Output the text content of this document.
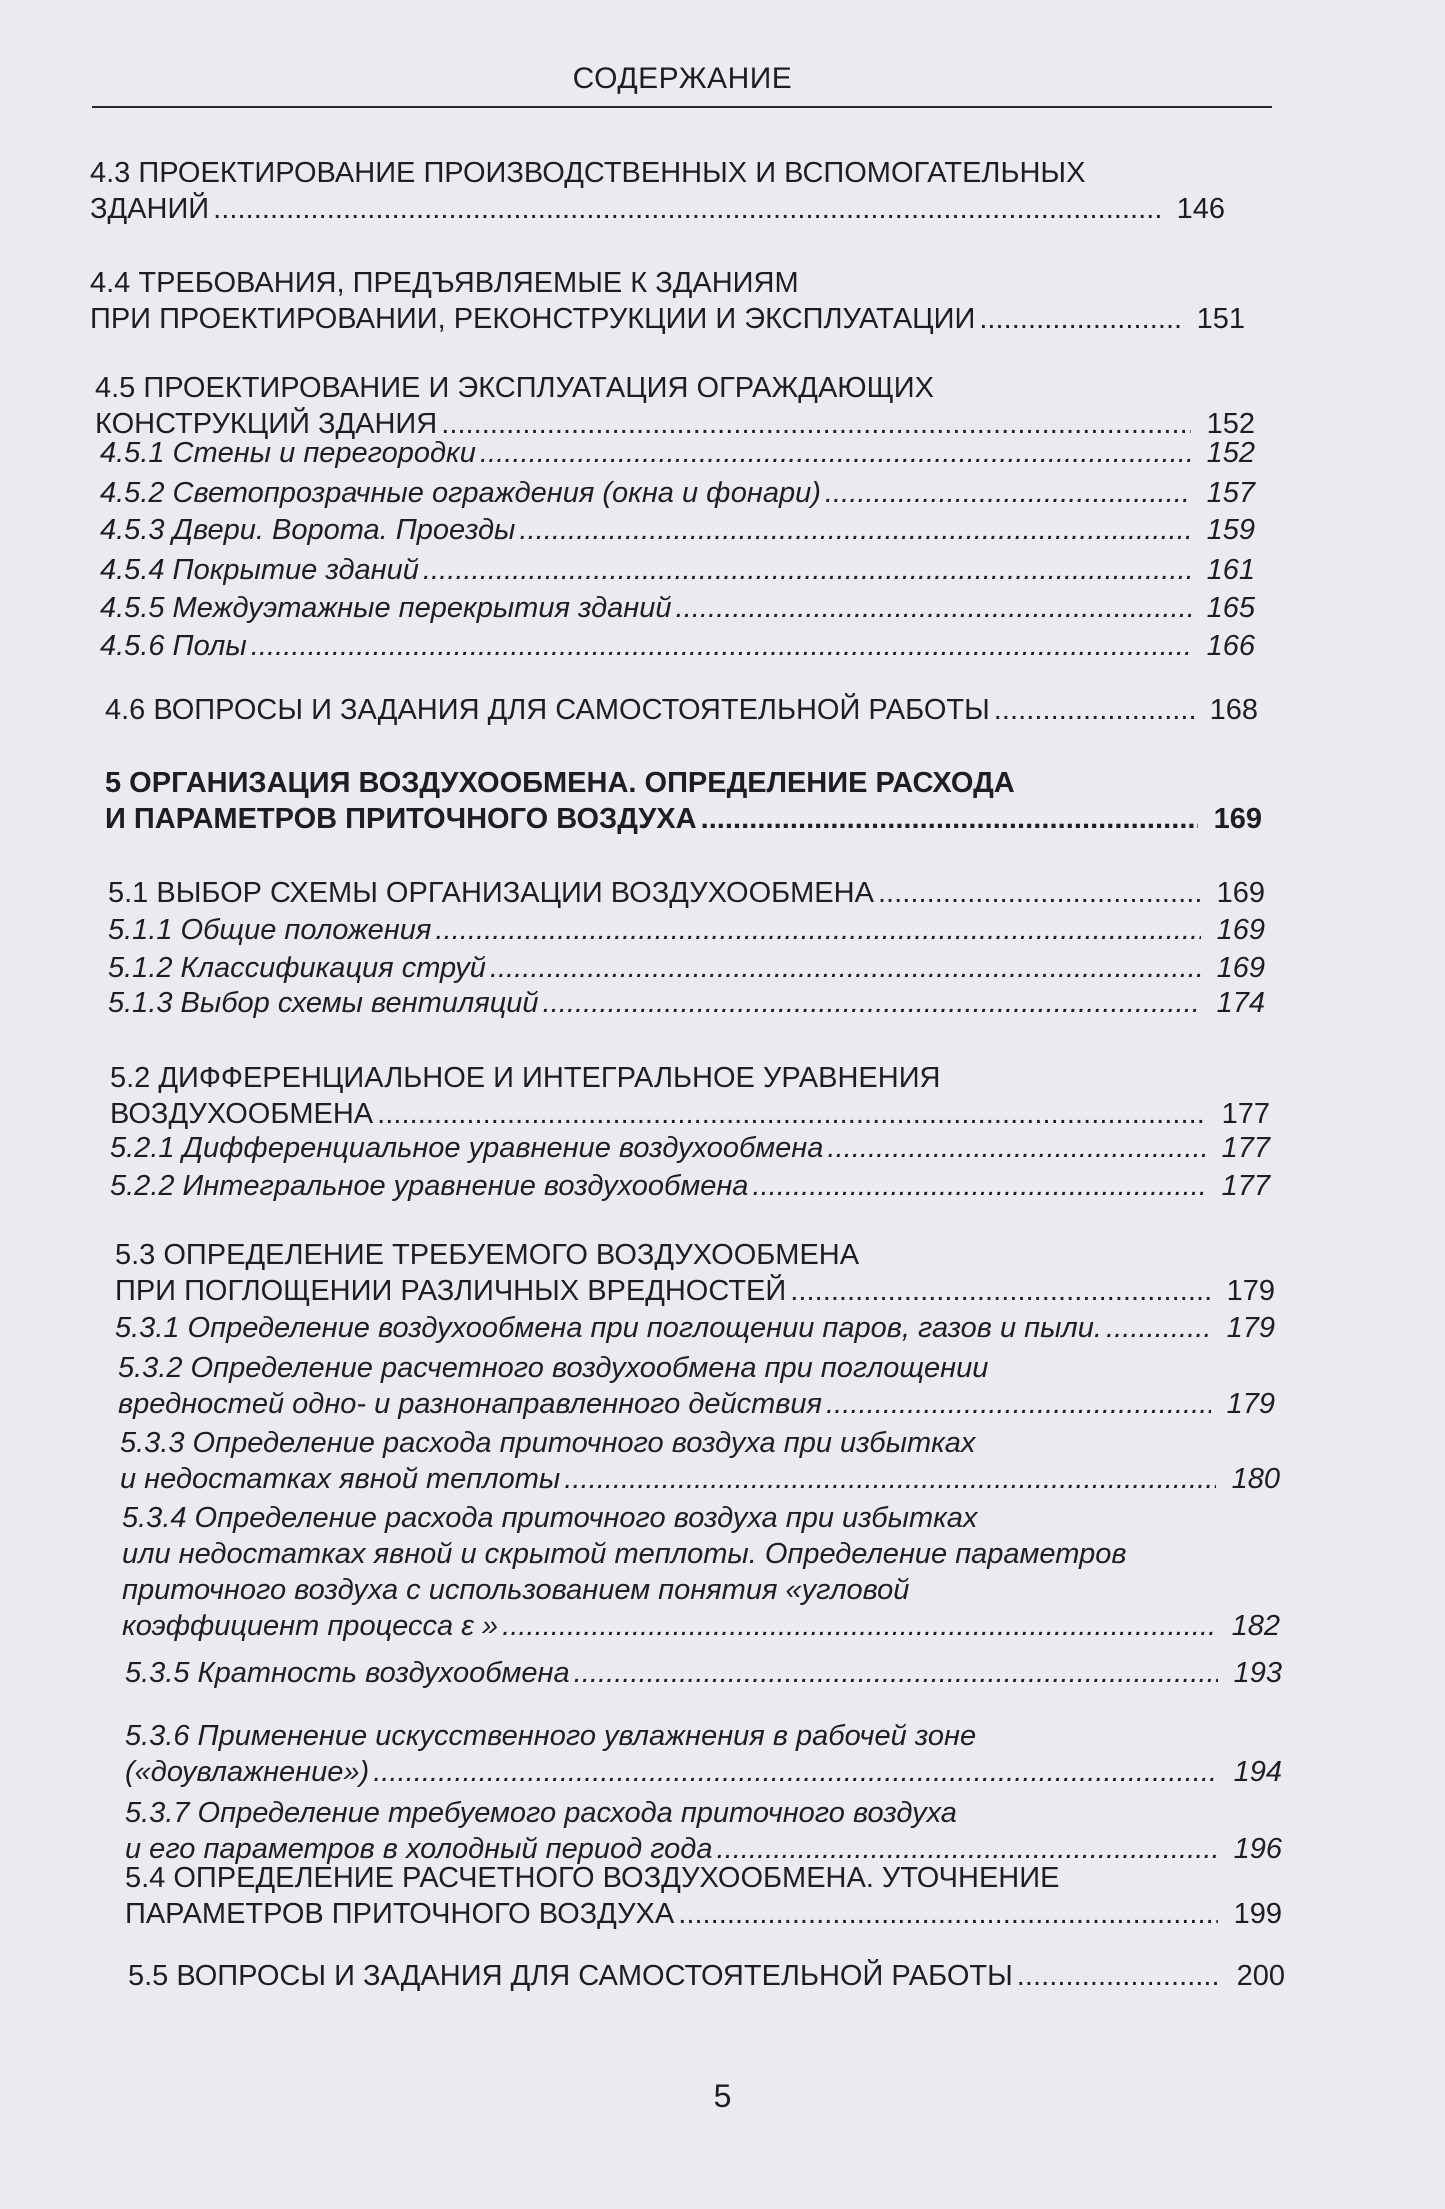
СОДЕРЖАНИЕ
4.3 ПРОЕКТИРОВАНИЕ ПРОИЗВОДСТВЕННЫХ И ВСПОМОГАТЕЛЬНЫХ
ЗДАНИЙ . . .	146
4.4 ТРЕБОВАНИЯ, ПРЕДЪЯВЛЯЕМЫЕ К ЗДАНИЯМ
ПРИ ПРОЕКТИРОВАНИИ, РЕКОНСТРУКЦИИ И ЭКСПЛУАТАЦИИ . . .	151
4.5 ПРОЕКТИРОВАНИЕ И ЭКСПЛУАТАЦИЯ ОГРАЖДАЮЩИХ
КОНСТРУКЦИЙ ЗДАНИЯ . . .	152
4.5.1 Стены и перегородки . . .	152
4.5.2 Светопрозрачные ограждения (окна и фонари) . . .	157
4.5.3 Двери. Ворота. Проезды . . .	159
4.5.4 Покрытие зданий . . .	161
4.5.5 Междуэтажные перекрытия зданий . . .	165
4.5.6 Полы . . .	166
4.6 ВОПРОСЫ И ЗАДАНИЯ ДЛЯ САМОСТОЯТЕЛЬНОЙ РАБОТЫ . . .	168
5 ОРГАНИЗАЦИЯ ВОЗДУХООБМЕНА. ОПРЕДЕЛЕНИЕ РАСХОДА
И ПАРАМЕТРОВ ПРИТОЧНОГО ВОЗДУХА . . .	169
5.1 ВЫБОР СХЕМЫ ОРГАНИЗАЦИИ ВОЗДУХООБМЕНА . . .	169
5.1.1 Общие положения . . .	169
5.1.2 Классификация струй . . .	169
5.1.3 Выбор схемы вентиляций . . .	174
5.2 ДИФФЕРЕНЦИАЛЬНОЕ И ИНТЕГРАЛЬНОЕ УРАВНЕНИЯ
ВОЗДУХООБМЕНА . . .	177
5.2.1 Дифференциальное уравнение воздухообмена . . .	177
5.2.2 Интегральное уравнение воздухообмена . . .	177
5.3 ОПРЕДЕЛЕНИЕ ТРЕБУЕМОГО ВОЗДУХООБМЕНА
ПРИ ПОГЛОЩЕНИИ РАЗЛИЧНЫХ ВРЕДНОСТЕЙ . . .	179
5.3.1 Определение воздухообмена при поглощении паров, газов и пыли. . . .	179
5.3.2 Определение расчетного воздухообмена при поглощении
вредностей одно- и разнонаправленного действия . . .	179
5.3.3 Определение расхода приточного воздуха при избытках
и недостатках явной теплоты . . .	180
5.3.4 Определение расхода приточного воздуха при избытках
или недостатках явной и скрытой теплоты. Определение параметров
приточного воздуха с использованием понятия «угловой
коэффициент процесса ε » . . .	182
5.3.5 Кратность воздухообмена . . .	193
5.3.6 Применение искусственного увлажнения в рабочей зоне
(«доувлажнение») . . .	194
5.3.7 Определение требуемого расхода приточного воздуха
и его параметров в холодный период года . . .	196
5.4 ОПРЕДЕЛЕНИЕ РАСЧЕТНОГО ВОЗДУХООБМЕНА. УТОЧНЕНИЕ
ПАРАМЕТРОВ ПРИТОЧНОГО ВОЗДУХА . . .	199
5.5 ВОПРОСЫ И ЗАДАНИЯ ДЛЯ САМОСТОЯТЕЛЬНОЙ РАБОТЫ . . .	200
5
